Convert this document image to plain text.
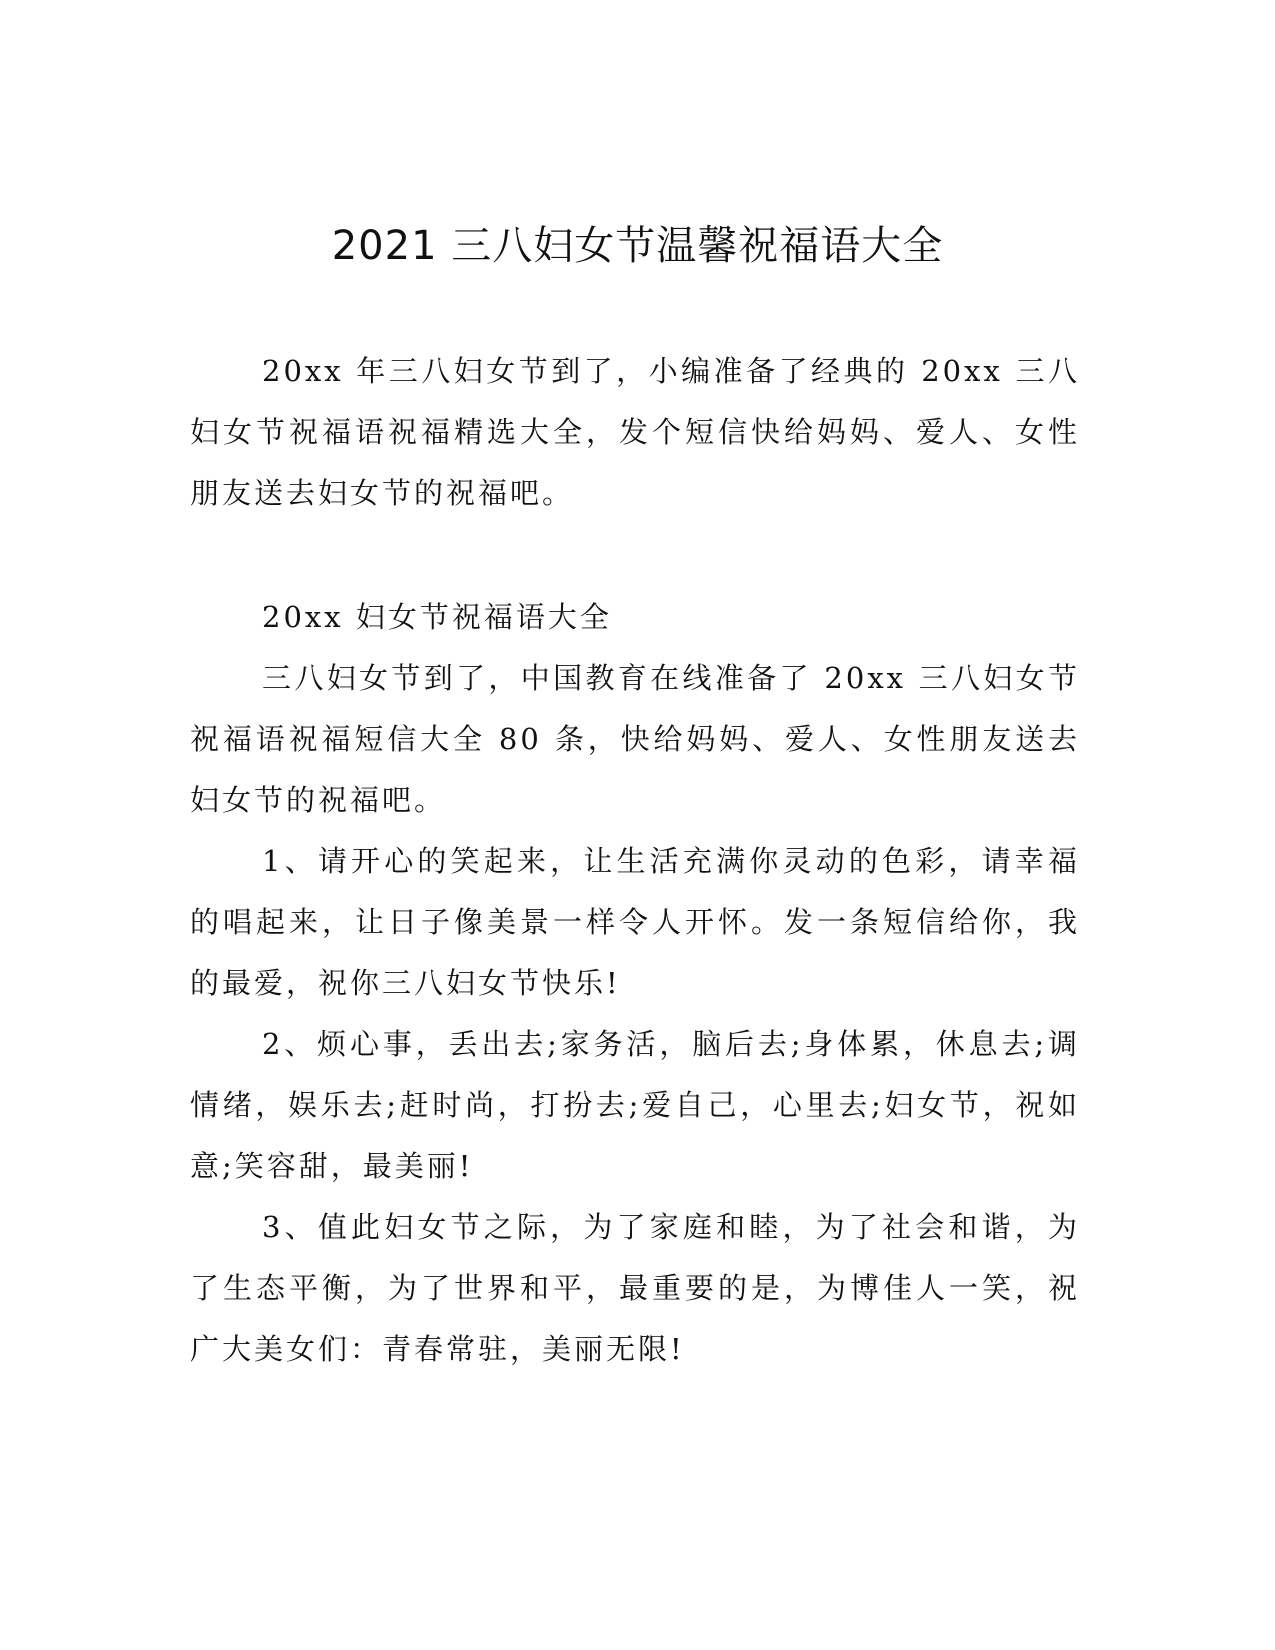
2021 三八妇女节温馨祝福语大全

20xx 年三八妇女节到了，小编准备了经典的 20xx 三八妇女节祝福语祝福精选大全，发个短信快给妈妈、爱人、女性朋友送去妇女节的祝福吧。

20xx 妇女节祝福语大全

三八妇女节到了，中国教育在线准备了 20xx 三八妇女节祝福语祝福短信大全 80 条，快给妈妈、爱人、女性朋友送去妇女节的祝福吧。

1、请开心的笑起来，让生活充满你灵动的色彩，请幸福的唱起来，让日子像美景一样令人开怀。发一条短信给你，我的最爱，祝你三八妇女节快乐!

2、烦心事，丢出去;家务活，脑后去;身体累，休息去;调情绪，娱乐去;赶时尚，打扮去;爱自己，心里去;妇女节，祝如意;笑容甜，最美丽!

3、值此妇女节之际，为了家庭和睦，为了社会和谐，为了生态平衡，为了世界和平，最重要的是，为博佳人一笑，祝广大美女们：青春常驻，美丽无限!
